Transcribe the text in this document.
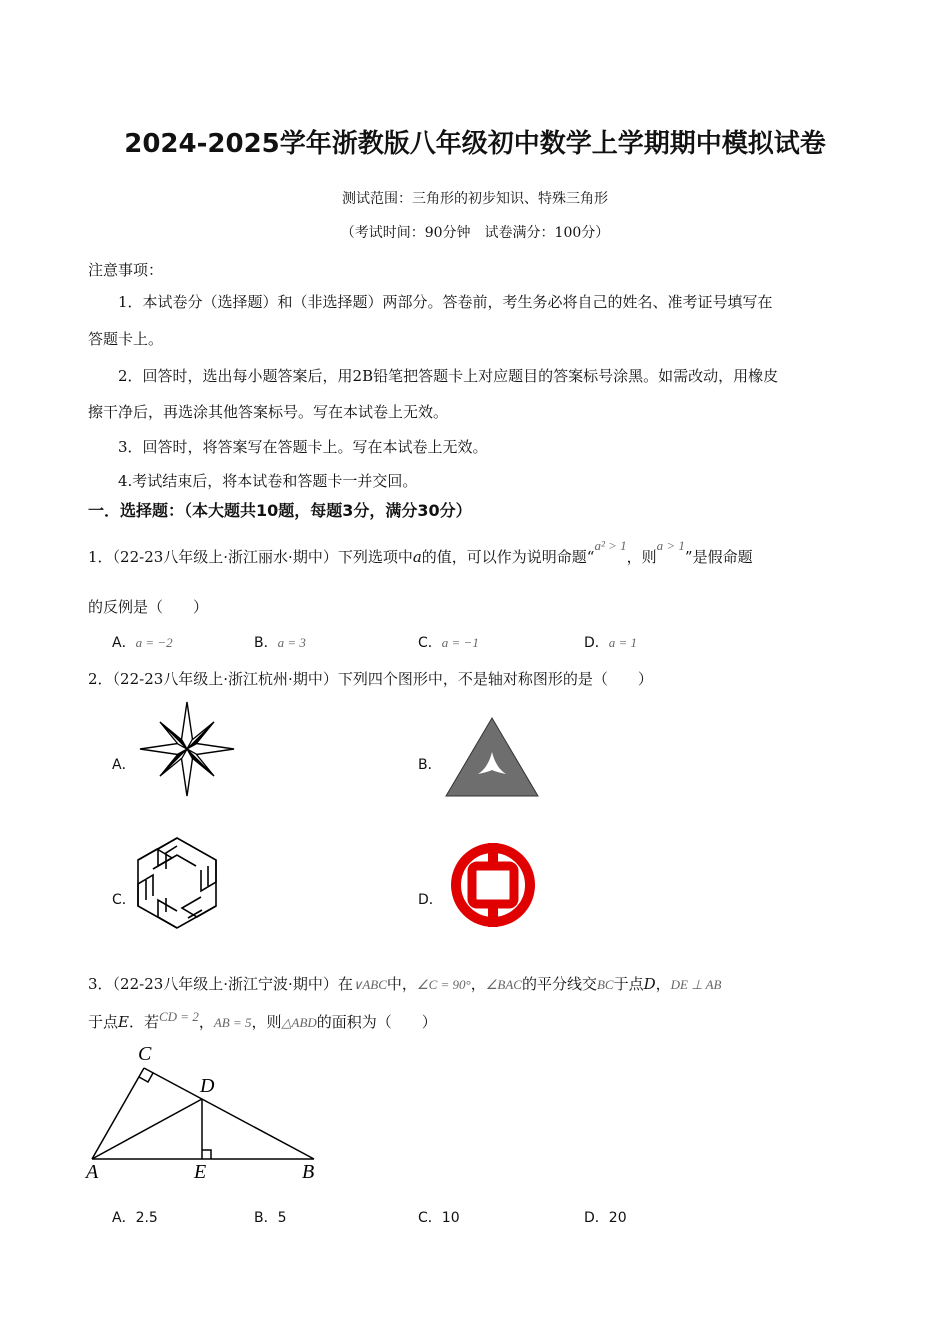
2024-2025学年浙教版八年级初中数学上学期期中模拟试卷
测试范围：三角形的初步知识、特殊三角形
（考试时间：90分钟　试卷满分：100分）
注意事项：
1．本试卷分（选择题）和（非选择题）两部分。答卷前，考生务必将自己的姓名、准考证号填写在
答题卡上。
2．回答时，选出每小题答案后，用2B铅笔把答题卡上对应题目的答案标号涂黑。如需改动，用橡皮
擦干净后，再选涂其他答案标号。写在本试卷上无效。
3．回答时，将答案写在答题卡上。写在本试卷上无效。
4.考试结束后，将本试卷和答题卡一并交回。
一．选择题：（本大题共10题，每题3分，满分30分）
1．（22-23八年级上·浙江丽水·期中）下列选项中a的值，可以作为说明命题“a² > 1，则a > 1”是假命题
的反例是（　　）
A．a = −2	B．a = 3	C．a = −1	D．a = 1
2．（22-23八年级上·浙江杭州·期中）下列四个图形中，不是轴对称图形的是（　　）
A．	B．
C．	D．
3．（22-23八年级上·浙江宁波·期中）在∨ABC中，∠C = 90°，∠BAC的平分线交BC于点D，DE ⊥ AB
于点E．若CD = 2，AB = 5，则△ABD的面积为（　　）
C
D
A	E	B
A．2.5	B．5	C．10	D．20
